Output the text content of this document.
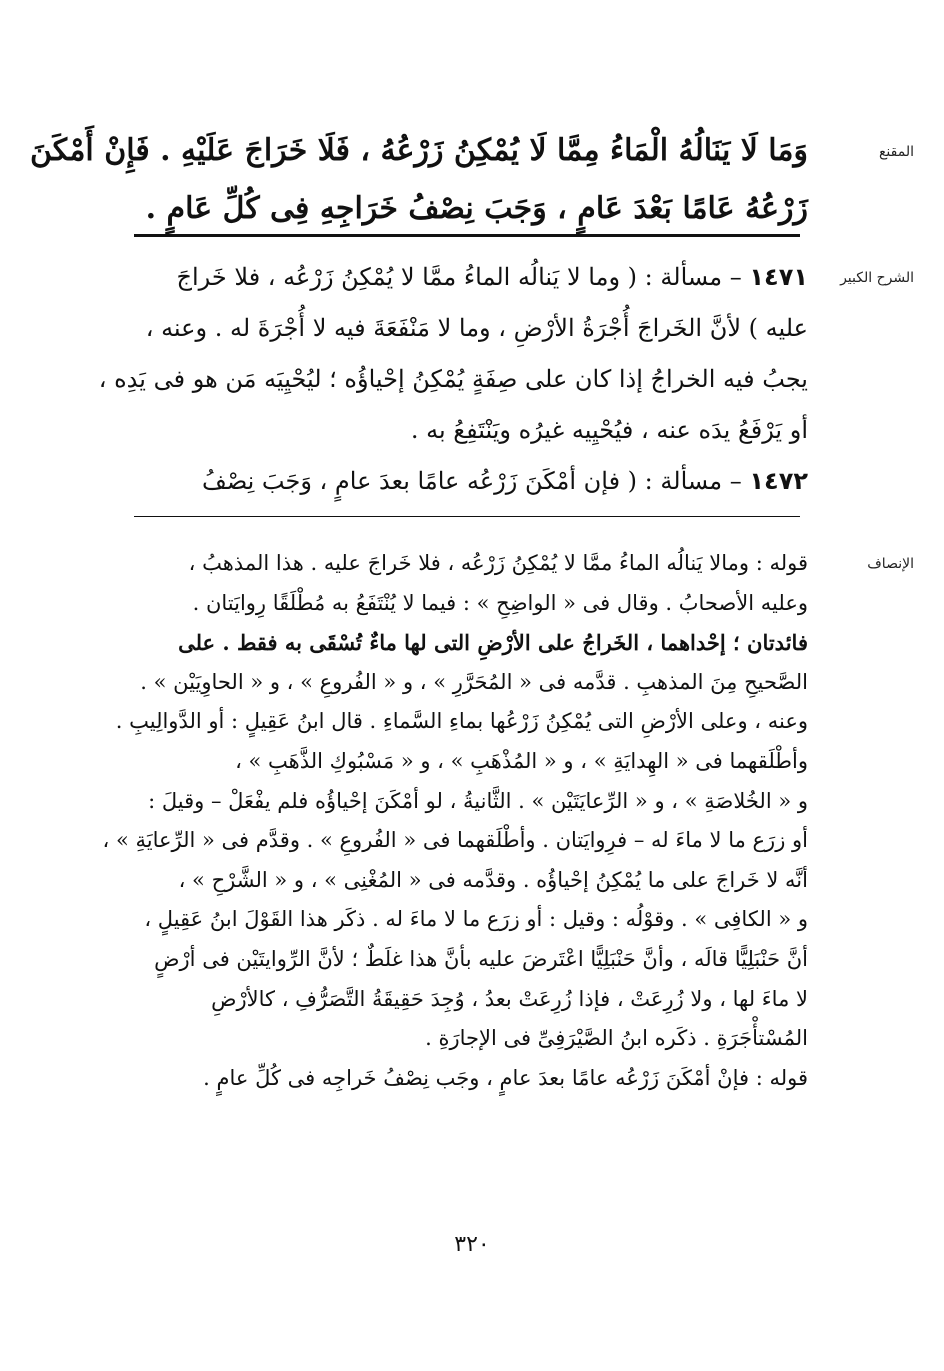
المقنع
وَمَا لَا يَنَالُهُ الْمَاءُ مِمَّا لَا يُمْكِنُ زَرْعُهُ ، فَلَا خَرَاجَ عَلَيْهِ . فَإِنْ أَمْكَنَ
زَرْعُهُ عَامًا بَعْدَ عَامٍ ، وَجَبَ نِصْفُ خَرَاجِهِ فِى كُلِّ عَامٍ .
الشرح الكبير
١٤٧١ – مسألة : ( وما لا يَنالُه الماءُ ممَّا لا يُمْكِنُ زَرْعُه ، فلا خَراجَ
عليه ) لأنَّ الخَراجَ أُجْرَةُ الأرْضِ ، وما لا مَنْفَعَةَ فيه لا أُجْرَةَ له . وعنه ،
يجبُ فيه الخراجُ إذا كان على صِفَةٍ يُمْكِنُ إحْياؤُه ؛ ليُحْيِيَه مَن هو فى يَدِه ،
أو يَرْفَعُ يدَه عنه ، فيُحْيِيه غيرُه ويَنْتَفِعُ به .
١٤٧٢ – مسألة : ( فإن أمْكَنَ زَرْعُه عامًا بعدَ عامٍ ، وَجَبَ نِصْفُ
الإنصاف
قوله : ومالا يَنالُه الماءُ ممَّا لا يُمْكِنُ زَرْعُه ، فلا خَراجَ عليه . هذا المذهبُ ،
وعليه الأصحابُ . وقال فى « الواضِحِ » : فيما لا يُنْتَفَعُ به مُطْلَقًا رِوايَتان .
فائدتان ؛ إحْداهما ، الخَراجُ على الأرْضِ التى لها ماءٌ تُسْقَى به فقط . على
الصَّحيحِ مِنَ المذهبِ . قدَّمه فى « المُحَرَّرِ » ، و « الفُروعِ » ، و « الحاوِيَيْن » .
وعنه ، وعلى الأرْضِ التى يُمْكِنُ زَرْعُها بماءِ السَّماءِ . قال ابنُ عَقِيلٍ : أو الدَّوالِيبِ .
وأطْلَقهما فى « الهِدايَةِ » ، و « المُذْهَبِ » ، و « مَسْبُوكِ الذَّهَبِ » ،
و « الخُلاصَةِ » ، و « الرِّعايَتَيْن » . الثَّانيةُ ، لو أمْكَنَ إحْياؤُه فلم يفْعَلْ – وقيلَ :
أو زرَع ما لا ماءَ له – فرِوايَتان . وأطْلَقهما فى « الفُروعِ » . وقدَّم فى « الرِّعايَةِ » ،
أنَّه لا خَراجَ على ما يُمْكِنُ إحْياؤُه . وقدَّمه فى « المُغْنِى » ، و « الشَّرْحِ » ،
و « الكافِى » . وقوْلُه : وقيل : أو زرَع ما لا ماءَ له . ذكَر هذا القَوْلَ ابنُ عَقِيلٍ ،
أنَّ حَنْبَلِيًّا قالَه ، وأنَّ حَنْبَلِيًّا اعْتَرضَ عليه بأنَّ هذا غلَطٌ ؛ لأنَّ الرِّوايتَيْن فى أرْضٍ
لا ماءَ لها ، ولا زُرِعَتْ ، فإذا زُرِعَتْ بعدُ ، وُجِدَ حَقِيقَةُ التَّصَرُّفِ ، كالأرْضِ
المُسْتأْجَرَةِ . ذكَره ابنُ الصَّيْرَفِىِّ فى الإجارَةِ .
قوله : فإنْ أمْكَنَ زَرْعُه عامًا بعدَ عامٍ ، وجَب نِصْفُ خَراجِه فى كُلِّ عامٍ .
٣٢٠
